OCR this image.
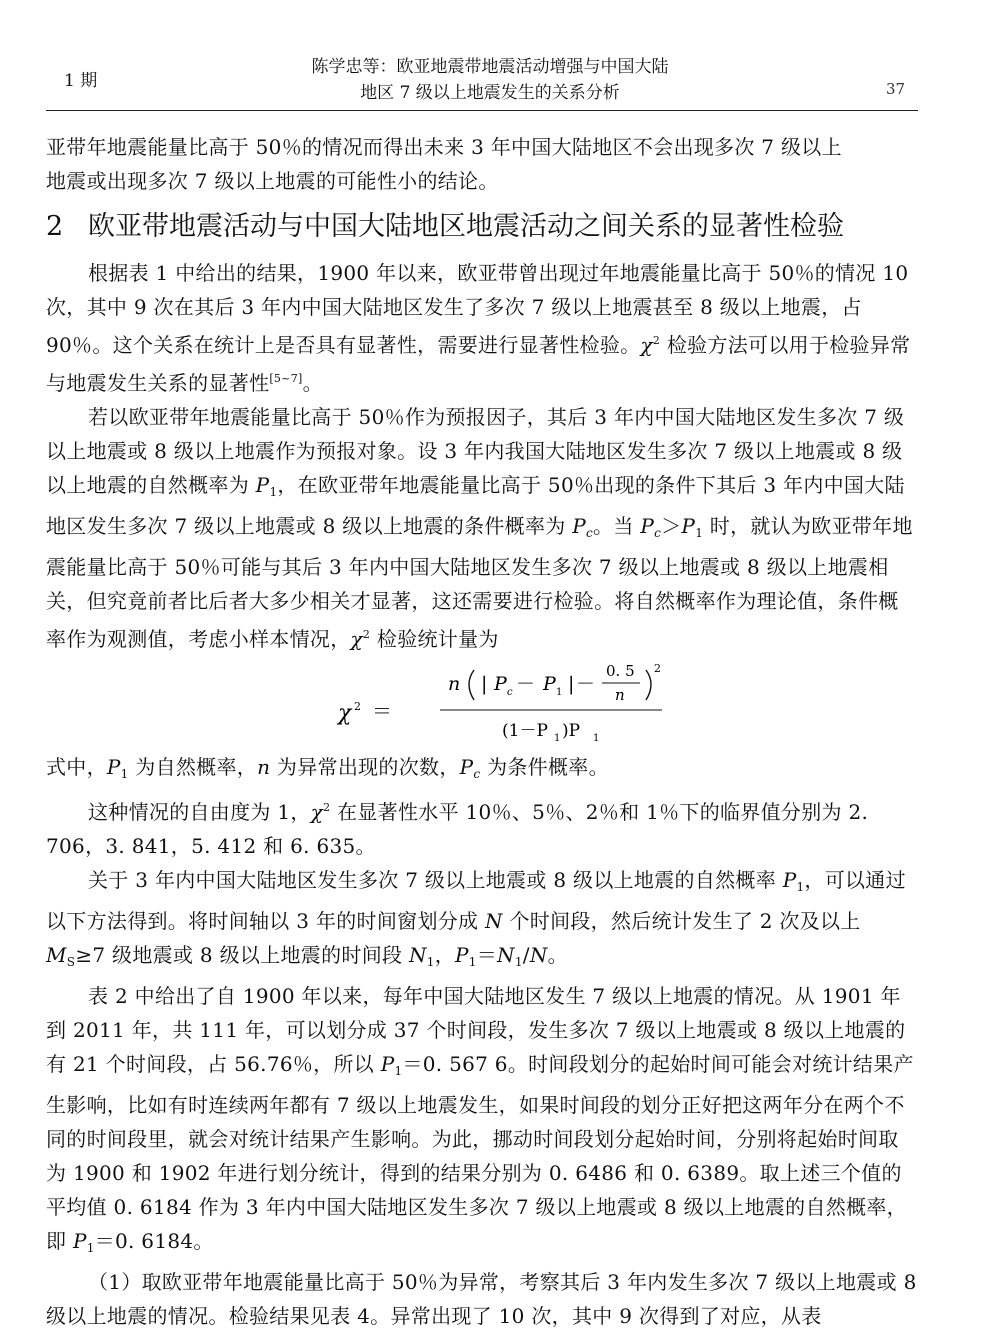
1 期
陈学忠等：欧亚地震带地震活动增强与中国大陆
地区 7 级以上地震发生的关系分析	37

亚带年地震能量比高于 50％的情况而得出未来 3 年中国大陆地区不会出现多次 7 级以上
地震或出现多次 7 级以上地震的可能性小的结论。

2 欧亚带地震活动与中国大陆地区地震活动之间关系的显著性检验

根据表 1 中给出的结果，1900 年以来，欧亚带曾出现过年地震能量比高于 50％的情况 10 次，其中 9 次在其后 3 年内中国大陆地区发生了多次 7 级以上地震甚至 8 级以上地震，占 90％。这个关系在统计上是否具有显著性，需要进行显著性检验。$\chi^2$ 检验方法可以用于检验异常与地震发生关系的显著性[5~7]。

若以欧亚带年地震能量比高于 50％作为预报因子，其后 3 年内中国大陆地区发生多次 7 级以上地震或 8 级以上地震作为预报对象。设 3 年内我国大陆地区发生多次 7 级以上地震或 8 级以上地震的自然概率为 $P_1$，在欧亚带年地震能量比高于 50％出现的条件下其后 3 年内中国大陆地区发生多次 7 级以上地震或 8 级以上地震的条件概率为 $P_c$。当 $P_c>P_1$ 时，就认为欧亚带年地震能量比高于 50％可能与其后 3 年内中国大陆地区发生多次 7 级以上地震或 8 级以上地震相关，但究竟前者比后者大多少相关才显著，这还需要进行检验。将自然概率作为理论值，条件概率作为观测值，考虑小样本情况，$\chi^2$ 检验统计量为

χ 2 ＝
n | P c － P 1 | －
0. 5
n
2
(1－P 1 )P 1

式中，$P_1$ 为自然概率，n 为异常出现的次数，$P_c$ 为条件概率。

这种情况的自由度为 1，$\chi^2$ 在显著性水平 10％、5％、2％和 1％下的临界值分别为 2. 706，3. 841，5. 412 和 6. 635。

关于 3 年内中国大陆地区发生多次 7 级以上地震或 8 级以上地震的自然概率 $P_1$，可以通过以下方法得到。将时间轴以 3 年的时间窗划分成 N 个时间段，然后统计发生了 2 次及以上 $M_S\ge 7$ 级地震或 8 级以上地震的时间段 $N_1$，$P_1=N_1/N$。

表 2 中给出了自 1900 年以来，每年中国大陆地区发生 7 级以上地震的情况。从 1901 年到 2011 年，共 111 年，可以划分成 37 个时间段，发生多次 7 级以上地震或 8 级以上地震的有 21 个时间段，占 56.76％，所以 $P_1=0$. 567 6。时间段划分的起始时间可能会对统计结果产生影响，比如有时连续两年都有 7 级以上地震发生，如果时间段的划分正好把这两年分在两个不同的时间段里，就会对统计结果产生影响。为此，挪动时间段划分起始时间，分别将起始时间取为 1900 和 1902 年进行划分统计，得到的结果分别为 0. 6486 和 0. 6389。取上述三个值的平均值 0. 6184 作为 3 年内中国大陆地区发生多次 7 级以上地震或 8 级以上地震的自然概率，即 $P_1=0$. 6184。

（1）取欧亚带年地震能量比高于 50％为异常，考察其后 3 年内发生多次 7 级以上地震或 8 级以上地震的情况。检验结果见表 4。异常出现了 10 次，其中 9 次得到了对应，从表
